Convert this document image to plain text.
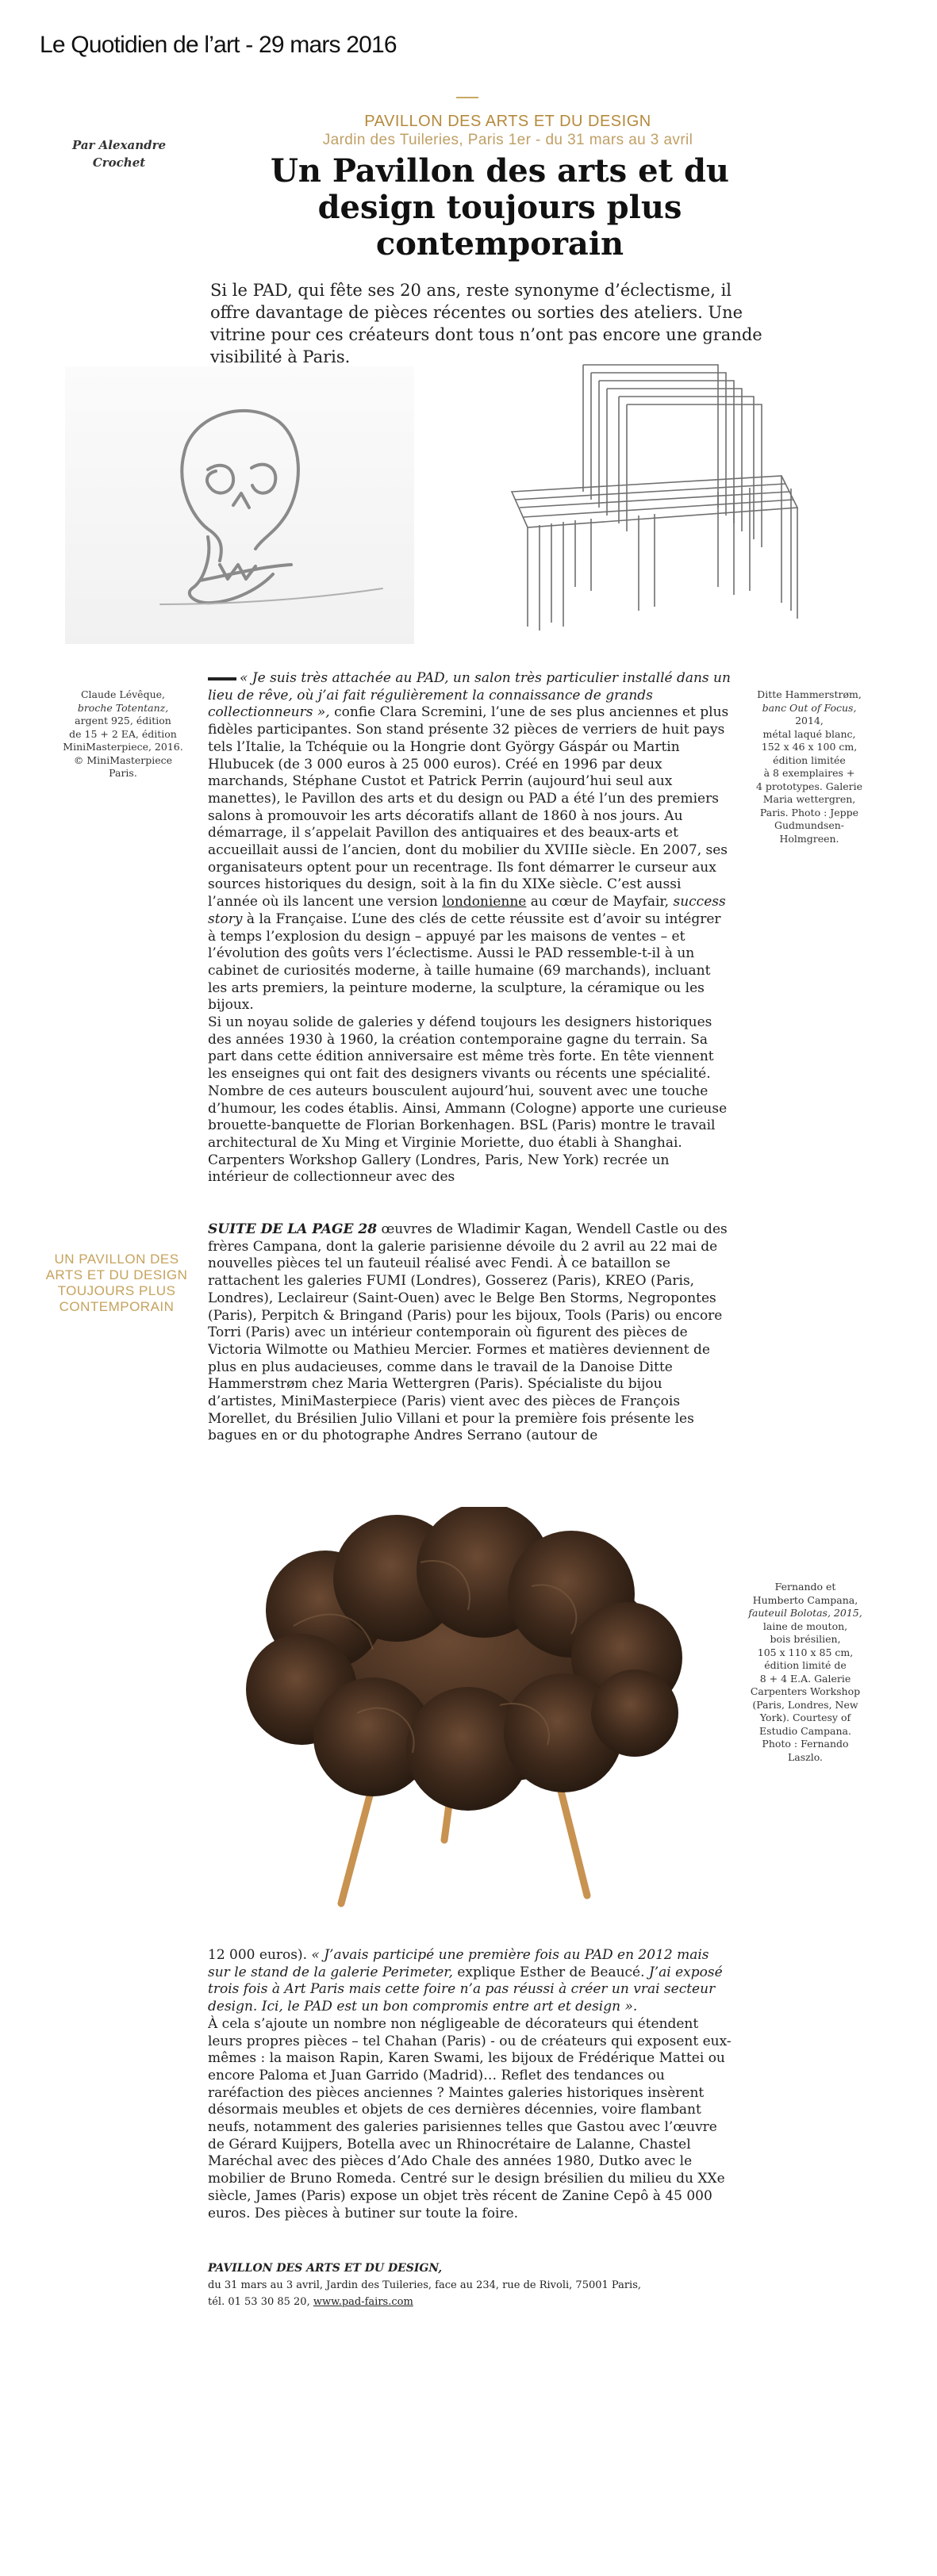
Le Quotidien de l’art - 29 mars 2016
Par Alexandre Crochet
PAVILLON DES ARTS ET DU DESIGN
Jardin des Tuileries, Paris 1er - du 31 mars au 3 avril
Un Pavillon des arts et du design toujours plus contemporain
Si le PAD, qui fête ses 20 ans, reste synonyme d’éclectisme, il offre davantage de pièces récentes ou sorties des ateliers. Une vitrine pour ces créateurs dont tous n’ont pas encore une grande visibilité à Paris.
Claude Lévêque,
broche Totentanz,
argent 925, édition
de 15 + 2 EA, édition
MiniMasterpiece, 2016.
© MiniMasterpiece Paris.
Ditte Hammerstrøm,
banc Out of Focus,
2014,
métal laqué blanc,
152 x 46 x 100 cm,
édition limitée
à 8 exemplaires +
4 prototypes. Galerie
Maria wettergren,
Paris. Photo : Jeppe
Gudmundsen-
Holmgreen.

« Je suis très attachée au PAD, un salon très particulier installé dans un lieu de rêve, où j’ai fait régulièrement la connaissance de grands collectionneurs », confie Clara Scremini, l’une de ses plus anciennes et plus fidèles participantes. Son stand présente 32 pièces de verriers de huit pays tels l’Italie, la Tchéquie ou la Hongrie dont György Gáspár ou Martin Hlubucek (de 3 000 euros à 25 000 euros). Créé en 1996 par deux marchands, Stéphane Custot et Patrick Perrin (aujourd’hui seul aux manettes), le Pavillon des arts et du design ou PAD a été l’un des premiers salons à promouvoir les arts décoratifs allant de 1860 à nos jours. Au démarrage, il s’appelait Pavillon des antiquaires et des beaux-arts et accueillait aussi de l’ancien, dont du mobilier du XVIIIe siècle. En 2007, ses organisateurs optent pour un recentrage. Ils font démarrer le curseur aux sources historiques du design, soit à la fin du XIXe siècle. C’est aussi l’année où ils lancent une version londonienne au cœur de Mayfair, success story à la Française. L’une des clés de cette réussite est d’avoir su intégrer à temps l’explosion du design – appuyé par les maisons de ventes – et l’évolution des goûts vers l’éclectisme. Aussi le PAD ressemble-t-il à un cabinet de curiosités moderne, à taille humaine (69 marchands), incluant les arts premiers, la peinture moderne, la sculpture, la céramique ou les bijoux.

Si un noyau solide de galeries y défend toujours les designers historiques des années 1930 à 1960, la création contemporaine gagne du terrain. Sa part dans cette édition anniversaire est même très forte. En tête viennent les enseignes qui ont fait des designers vivants ou récents une spécialité. Nombre de ces auteurs bousculent aujourd’hui, souvent avec une touche d’humour, les codes établis. Ainsi, Ammann (Cologne) apporte une curieuse brouette-banquette de Florian Borkenhagen. BSL (Paris) montre le travail architectural de Xu Ming et Virginie Moriette, duo établi à Shanghai. Carpenters Workshop Gallery (Londres, Paris, New York) recrée un intérieur de collectionneur avec des

UN PAVILLON DES ARTS ET DU DESIGN TOUJOURS PLUS CONTEMPORAIN

SUITE DE LA PAGE 28 œuvres de Wladimir Kagan, Wendell Castle ou des frères Campana, dont la galerie parisienne dévoile du 2 avril au 22 mai de nouvelles pièces tel un fauteuil réalisé avec Fendi. À ce bataillon se rattachent les galeries FUMI (Londres), Gosserez (Paris), KREO (Paris, Londres), Leclaireur (Saint-Ouen) avec le Belge Ben Storms, Negropontes (Paris), Perpitch & Bringand (Paris) pour les bijoux, Tools (Paris) ou encore Torri (Paris) avec un intérieur contemporain où figurent des pièces de Victoria Wilmotte ou Mathieu Mercier. Formes et matières deviennent de plus en plus audacieuses, comme dans le travail de la Danoise Ditte Hammerstrøm chez Maria Wettergren (Paris). Spécialiste du bijou d’artistes, MiniMasterpiece (Paris) vient avec des pièces de François Morellet, du Brésilien Julio Villani et pour la première fois présente les bagues en or du photographe Andres Serrano (autour de

Fernando et
Humberto Campana,
fauteuil Bolotas, 2015,
laine de mouton,
bois brésilien,
105 x 110 x 85 cm,
édition limité de
8 + 4 E.A. Galerie
Carpenters Workshop
(Paris, Londres, New
York). Courtesy of
Estudio Campana.
Photo : Fernando
Laszlo.

12 000 euros). « J’avais participé une première fois au PAD en 2012 mais sur le stand de la galerie Perimeter, explique Esther de Beaucé. J’ai exposé trois fois à Art Paris mais cette foire n’a pas réussi à créer un vrai secteur design. Ici, le PAD est un bon compromis entre art et design ».

À cela s’ajoute un nombre non négligeable de décorateurs qui étendent leurs propres pièces – tel Chahan (Paris) - ou de créateurs qui exposent eux-mêmes : la maison Rapin, Karen Swami, les bijoux de Frédérique Mattei ou encore Paloma et Juan Garrido (Madrid)… Reflet des tendances ou raréfaction des pièces anciennes ? Maintes galeries historiques insèrent désormais meubles et objets de ces dernières décennies, voire flambant neufs, notamment des galeries parisiennes telles que Gastou avec l’œuvre de Gérard Kuijpers, Botella avec un Rhinocrétaire de Lalanne, Chastel Maréchal avec des pièces d’Ado Chale des années 1980, Dutko avec le mobilier de Bruno Romeda. Centré sur le design brésilien du milieu du XXe siècle, James (Paris) expose un objet très récent de Zanine Cepô à 45 000 euros. Des pièces à butiner sur toute la foire.

PAVILLON DES ARTS ET DU DESIGN,
du 31 mars au 3 avril, Jardin des Tuileries, face au 234, rue de Rivoli, 75001 Paris,
tél. 01 53 30 85 20, www.pad-fairs.com
